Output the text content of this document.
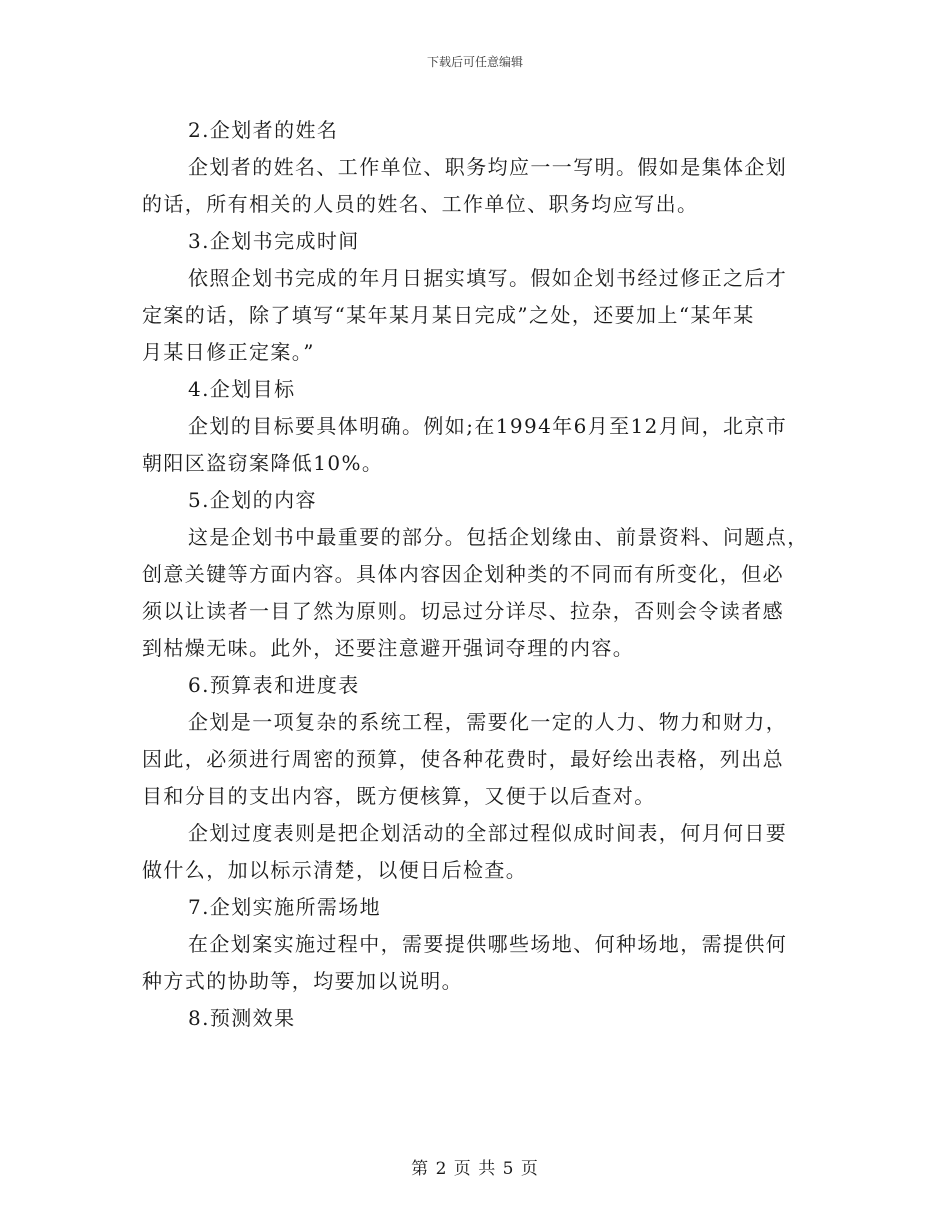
下载后可任意编辑
2.企划者的姓名
企划者的姓名、工作单位、职务均应一一写明。假如是集体企划
的话，所有相关的人员的姓名、工作单位、职务均应写出。
3.企划书完成时间
依照企划书完成的年月日据实填写。假如企划书经过修正之后才
定案的话，除了填写“某年某月某日完成”之处，还要加上“某年某
月某日修正定案。”
4.企划目标
企划的目标要具体明确。例如;在1994年6月至12月间，北京市
朝阳区盗窃案降低10%。
5.企划的内容
这是企划书中最重要的部分。包括企划缘由、前景资料、问题点，
创意关键等方面内容。具体内容因企划种类的不同而有所变化，但必
须以让读者一目了然为原则。切忌过分详尽、拉杂，否则会令读者感
到枯燥无味。此外，还要注意避开强词夺理的内容。
6.预算表和进度表
企划是一项复杂的系统工程，需要化一定的人力、物力和财力，
因此，必须进行周密的预算，使各种花费时，最好绘出表格，列出总
目和分目的支出内容，既方便核算，又便于以后查对。
企划过度表则是把企划活动的全部过程似成时间表，何月何日要
做什么，加以标示清楚，以便日后检查。
7.企划实施所需场地
在企划案实施过程中，需要提供哪些场地、何种场地，需提供何
种方式的协助等，均要加以说明。
8.预测效果
第 2 页 共 5 页
